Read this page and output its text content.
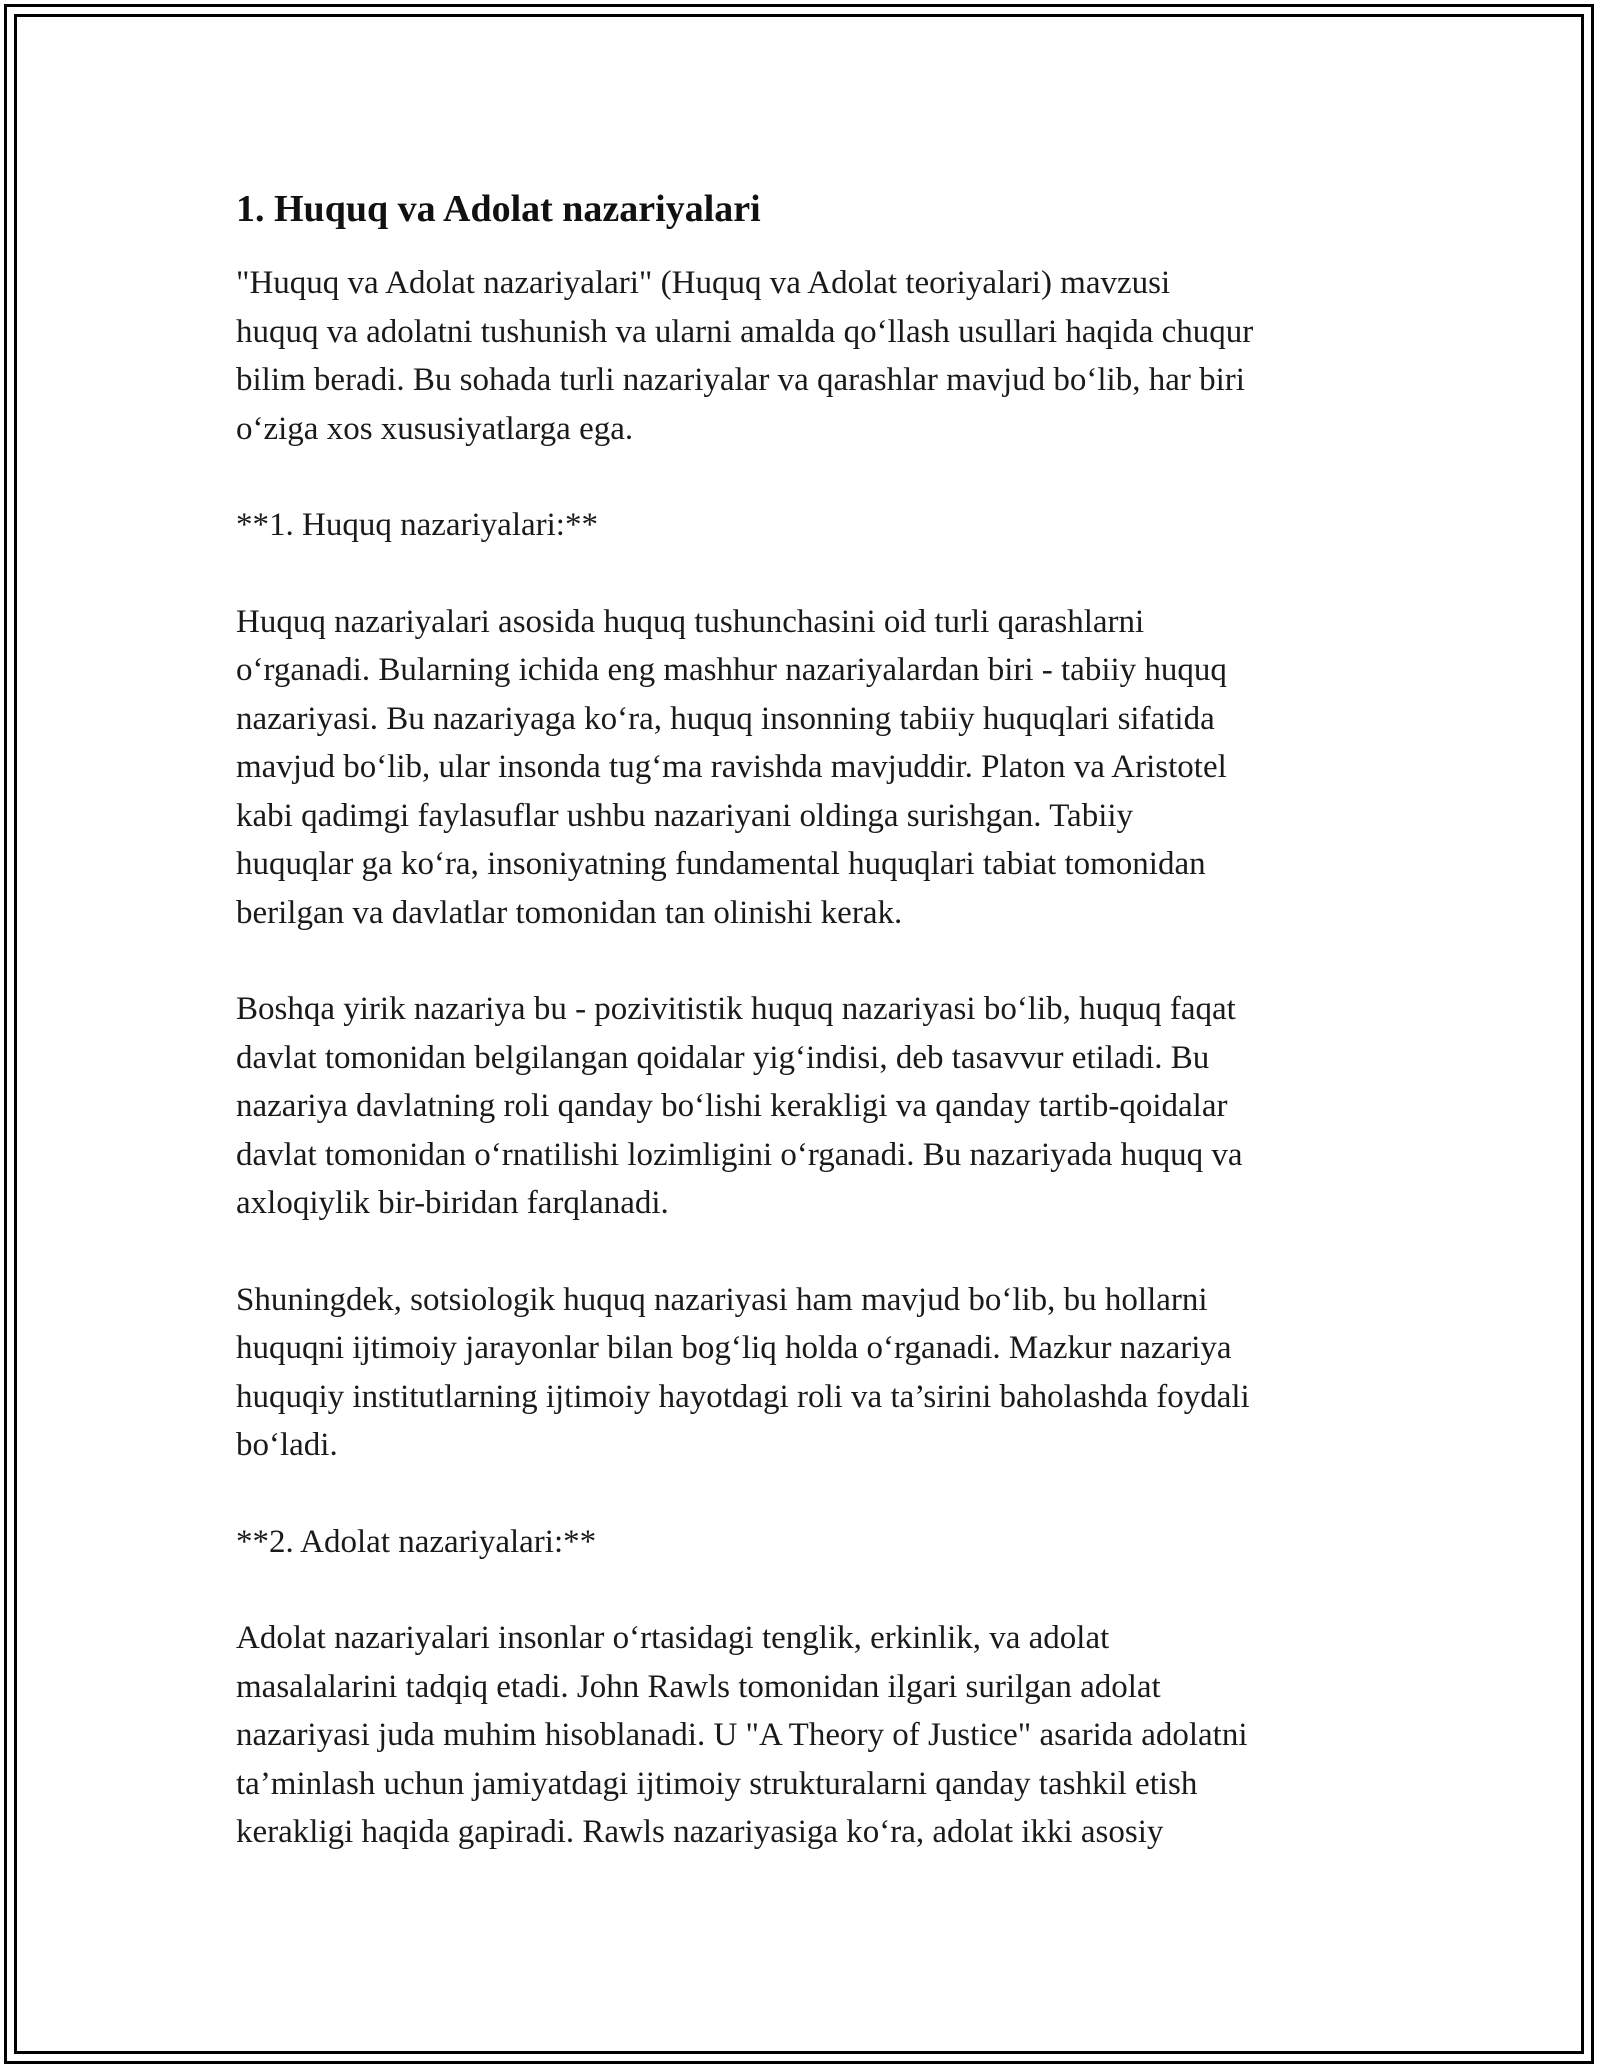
1. Huquq va Adolat nazariyalari

"Huquq va Adolat nazariyalari" (Huquq va Adolat teoriyalari) mavzusi
huquq va adolatni tushunish va ularni amalda qo‘llash usullari haqida chuqur
bilim beradi. Bu sohada turli nazariyalar va qarashlar mavjud bo‘lib, har biri
o‘ziga xos xususiyatlarga ega.

**1. Huquq nazariyalari:**

Huquq nazariyalari asosida huquq tushunchasini oid turli qarashlarni
o‘rganadi. Bularning ichida eng mashhur nazariyalardan biri - tabiiy huquq
nazariyasi. Bu nazariyaga ko‘ra, huquq insonning tabiiy huquqlari sifatida
mavjud bo‘lib, ular insonda tug‘ma ravishda mavjuddir. Platon va Aristotel
kabi qadimgi faylasuflar ushbu nazariyani oldinga surishgan. Tabiiy
huquqlar ga ko‘ra, insoniyatning fundamental huquqlari tabiat tomonidan
berilgan va davlatlar tomonidan tan olinishi kerak.

Boshqa yirik nazariya bu - pozivitistik huquq nazariyasi bo‘lib, huquq faqat
davlat tomonidan belgilangan qoidalar yig‘indisi, deb tasavvur etiladi. Bu
nazariya davlatning roli qanday bo‘lishi kerakligi va qanday tartib-qoidalar
davlat tomonidan o‘rnatilishi lozimligini o‘rganadi. Bu nazariyada huquq va
axloqiylik bir-biridan farqlanadi.

Shuningdek, sotsiologik huquq nazariyasi ham mavjud bo‘lib, bu hollarni
huquqni ijtimoiy jarayonlar bilan bog‘liq holda o‘rganadi. Mazkur nazariya
huquqiy institutlarning ijtimoiy hayotdagi roli va ta’sirini baholashda foydali
bo‘ladi.

**2. Adolat nazariyalari:**

Adolat nazariyalari insonlar o‘rtasidagi tenglik, erkinlik, va adolat
masalalarini tadqiq etadi. John Rawls tomonidan ilgari surilgan adolat
nazariyasi juda muhim hisoblanadi. U "A Theory of Justice" asarida adolatni
ta’minlash uchun jamiyatdagi ijtimoiy strukturalarni qanday tashkil etish
kerakligi haqida gapiradi. Rawls nazariyasiga ko‘ra, adolat ikki asosiy
